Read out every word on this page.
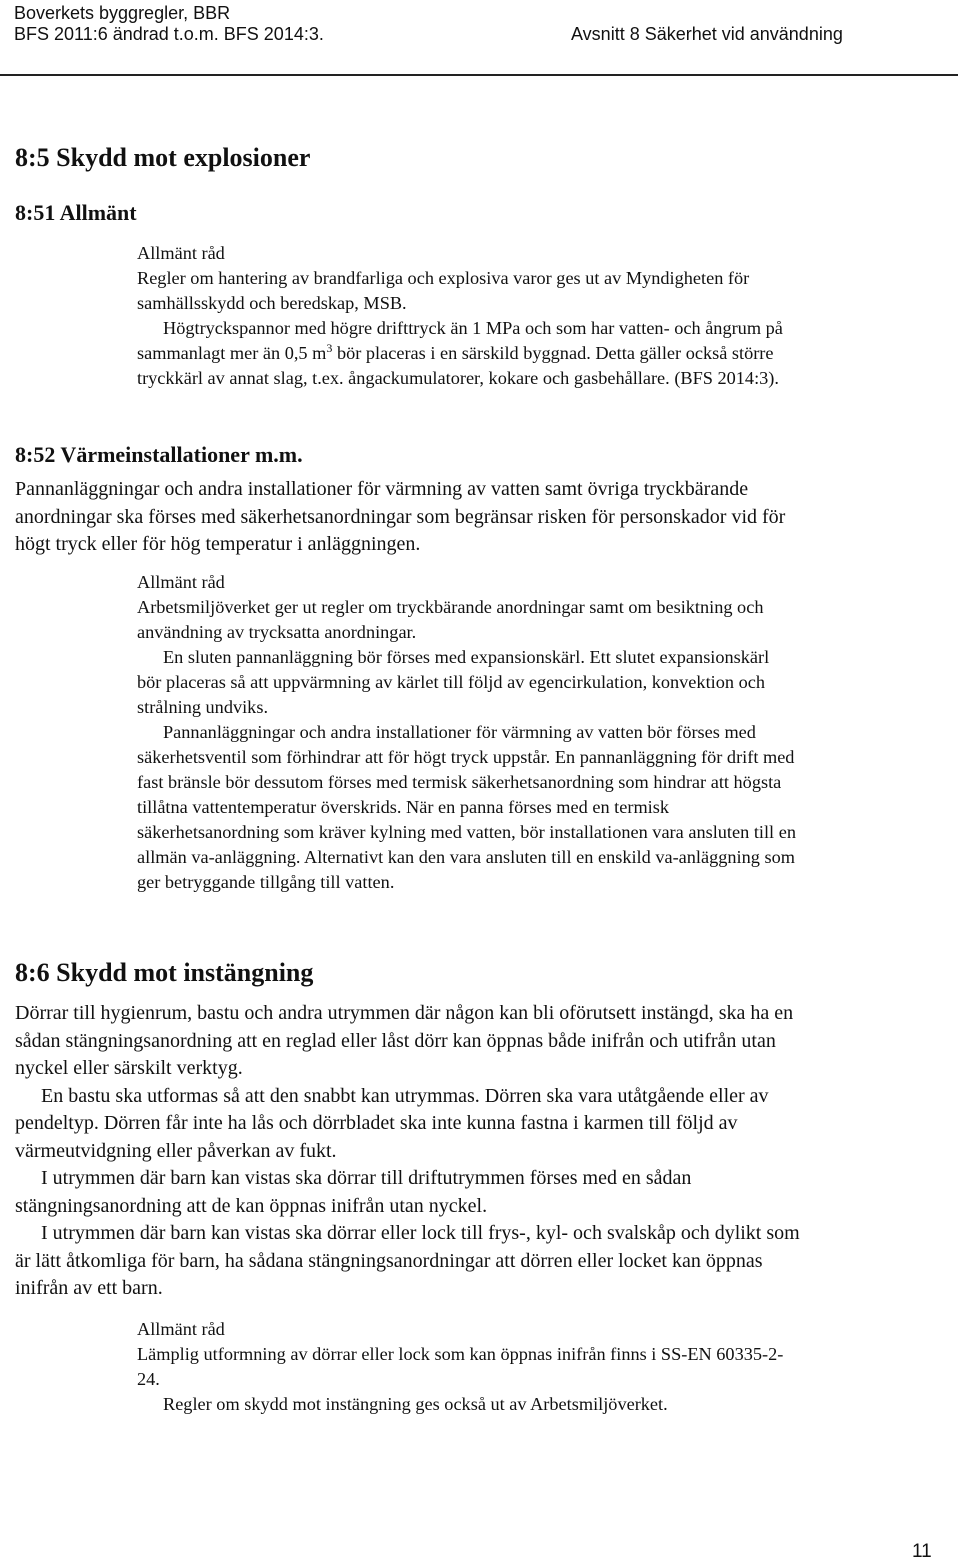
Boverkets byggregler, BBR
BFS 2011:6 ändrad t.o.m. BFS 2014:3.	Avsnitt 8 Säkerhet vid användning
8:5 Skydd mot explosioner
8:51 Allmänt
Allmänt råd

Regler om hantering av brandfarliga och explosiva varor ges ut av Myndigheten för samhällsskydd och beredskap, MSB.

Högtryckspannor med högre drifttryck än 1 MPa och som har vatten- och ångrum på sammanlagt mer än 0,5 $m^3$ bör placeras i en särskild byggnad. Detta gäller också större tryckkärl av annat slag, t.ex. ångackumulatorer, kokare och gasbehållare. (BFS 2014:3).

8:52 Värmeinstallationer m.m.

Pannanläggningar och andra installationer för värmning av vatten samt övriga tryckbärande anordningar ska förses med säkerhetsanordningar som begränsar risken för personskador vid för högt tryck eller för hög temperatur i anläggningen.

Allmänt råd

Arbetsmiljöverket ger ut regler om tryckbärande anordningar samt om besiktning och användning av trycksatta anordningar.

En sluten pannanläggning bör förses med expansionskärl. Ett slutet expansionskärl bör placeras så att uppvärmning av kärlet till följd av egencirkulation, konvektion och strålning undviks.

Pannanläggningar och andra installationer för värmning av vatten bör förses med säkerhetsventil som förhindrar att för högt tryck uppstår. En pannanläggning för drift med fast bränsle bör dessutom förses med termisk säkerhetsanordning som hindrar att högsta tillåtna vattentemperatur överskrids. När en panna förses med en termisk säkerhetsanordning som kräver kylning med vatten, bör installationen vara ansluten till en allmän va-anläggning. Alternativt kan den vara ansluten till en enskild va-anläggning som ger betryggande tillgång till vatten.

8:6 Skydd mot instängning

Dörrar till hygienrum, bastu och andra utrymmen där någon kan bli oförutsett instängd, ska ha en sådan stängningsanordning att en reglad eller låst dörr kan öppnas både inifrån och utifrån utan nyckel eller särskilt verktyg.

En bastu ska utformas så att den snabbt kan utrymmas. Dörren ska vara utåtgående eller av pendeltyp. Dörren får inte ha lås och dörrbladet ska inte kunna fastna i karmen till följd av värmeutvidgning eller påverkan av fukt.

I utrymmen där barn kan vistas ska dörrar till driftutrymmen förses med en sådan stängningsanordning att de kan öppnas inifrån utan nyckel.

I utrymmen där barn kan vistas ska dörrar eller lock till frys-, kyl- och svalskåp och dylikt som är lätt åtkomliga för barn, ha sådana stängningsanordningar att dörren eller locket kan öppnas inifrån av ett barn.

Allmänt råd

Lämplig utformning av dörrar eller lock som kan öppnas inifrån finns i SS-EN 60335-2-24.

Regler om skydd mot instängning ges också ut av Arbetsmiljöverket.

11
